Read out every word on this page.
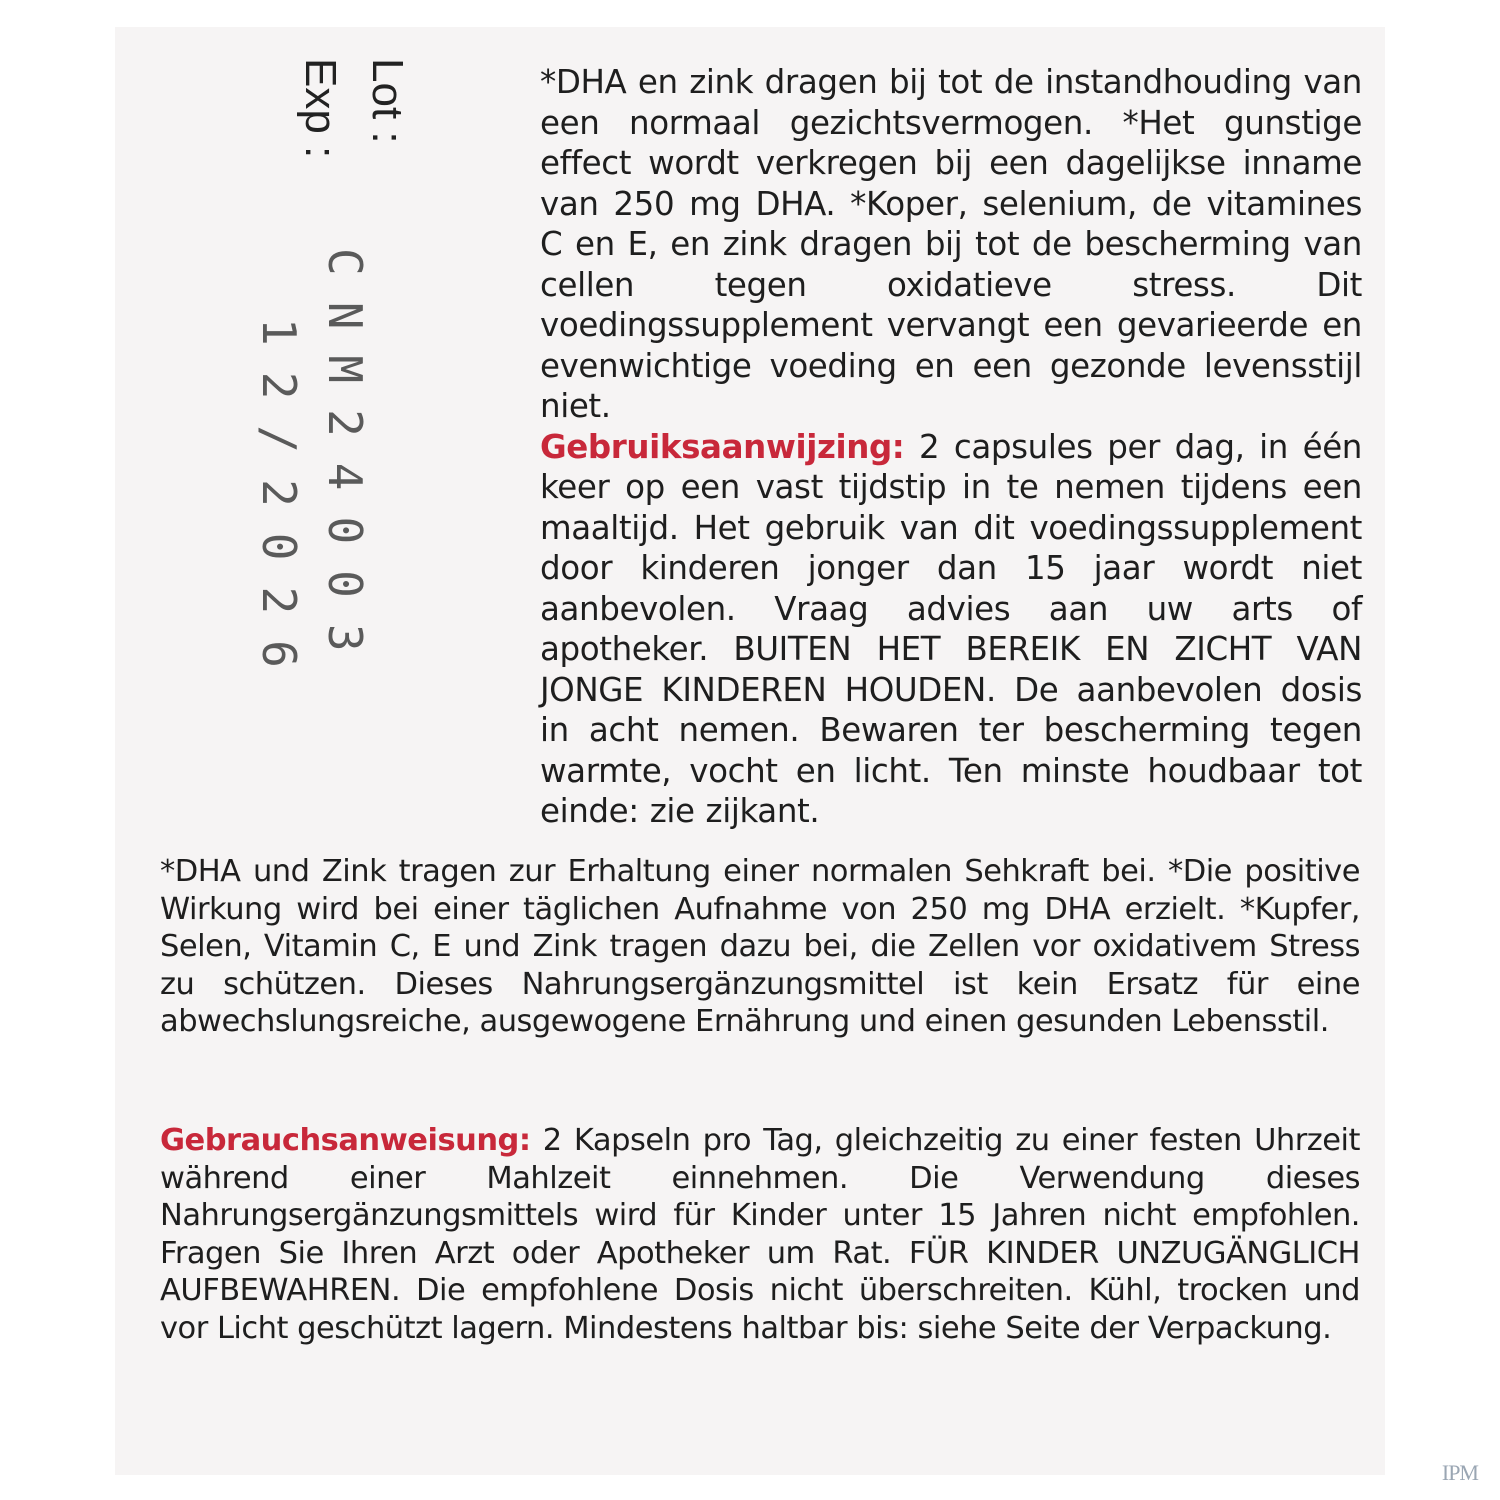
Lot :
Exp :
CNM24003
12/2026

*DHA en zink dragen bij tot de instandhouding van een normaal gezichtsvermogen. *Het gunstige effect wordt verkregen bij een dagelijkse inname van 250 mg DHA. *Koper, selenium, de vitamines C en E, en zink dragen bij tot de bescherming van cellen tegen oxidatieve stress. Dit voedingssupplement vervangt een gevarieerde en evenwichtige voeding en een gezonde levensstijl niet.

Gebruiksaanwijzing: 2 capsules per dag, in één keer op een vast tijdstip in te nemen tijdens een maaltijd. Het gebruik van dit voedingssupplement door kinderen jonger dan 15 jaar wordt niet aanbevolen. Vraag advies aan uw arts of apotheker. BUITEN HET BEREIK EN ZICHT VAN JONGE KINDEREN HOUDEN. De aanbevolen dosis in acht nemen. Bewaren ter bescherming tegen warmte, vocht en licht. Ten minste houdbaar tot einde: zie zijkant.

*DHA und Zink tragen zur Erhaltung einer normalen Sehkraft bei. *Die positive Wirkung wird bei einer täglichen Aufnahme von 250 mg DHA erzielt. *Kupfer, Selen, Vitamin C, E und Zink tragen dazu bei, die Zellen vor oxidativem Stress zu schützen. Dieses Nahrungsergänzungsmittel ist kein Ersatz für eine abwechslungsreiche, ausgewogene Ernährung und einen gesunden Lebensstil.

Gebrauchsanweisung: 2 Kapseln pro Tag, gleichzeitig zu einer festen Uhrzeit während einer Mahlzeit einnehmen. Die Verwendung dieses Nahrungsergänzungsmittels wird für Kinder unter 15 Jahren nicht empfohlen. Fragen Sie Ihren Arzt oder Apotheker um Rat. FÜR KINDER UNZUGÄNGLICH AUFBEWAHREN. Die empfohlene Dosis nicht überschreiten. Kühl, trocken und vor Licht geschützt lagern. Mindestens haltbar bis: siehe Seite der Verpackung.

IPM
